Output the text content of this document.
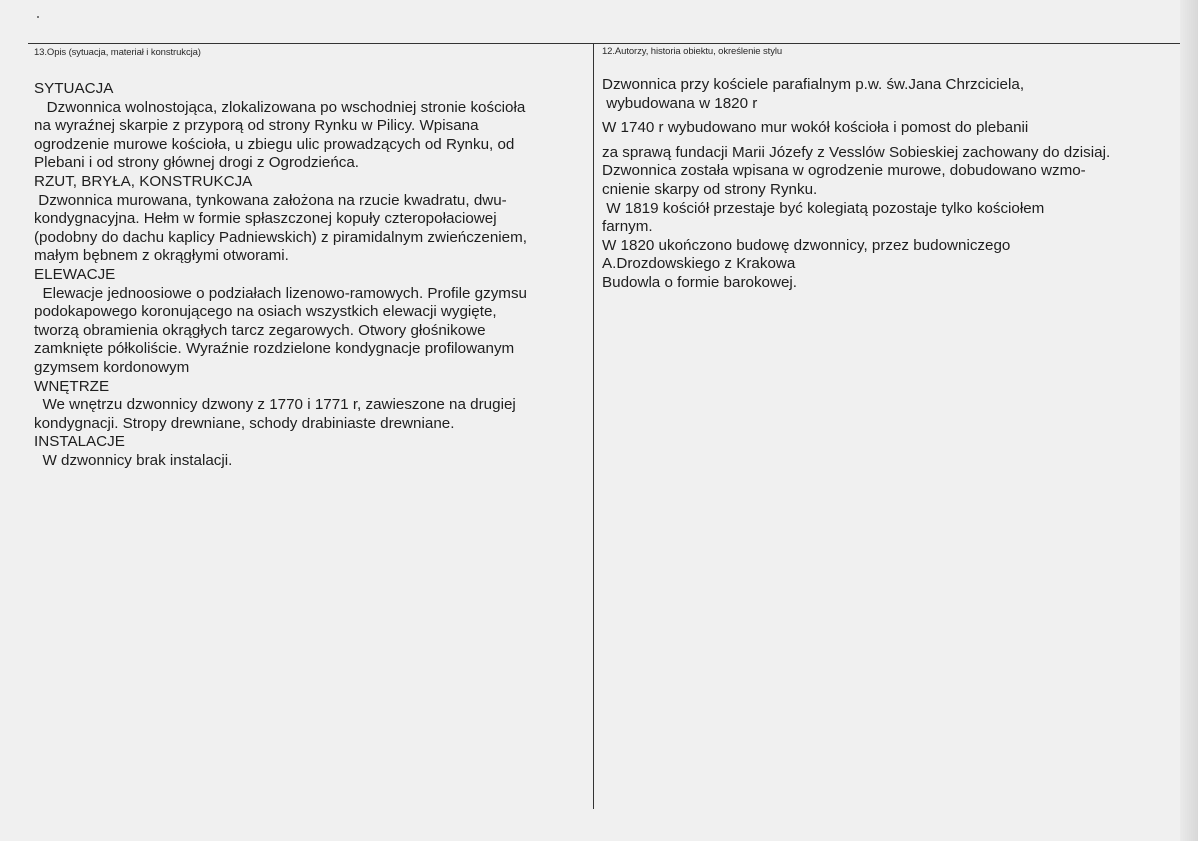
13.Opis (sytuacja, materiał i konstrukcja)	12.Autorzy, historia obiektu, określenie stylu
SYTUACJA
Dzwonnica wolnostojąca, zlokalizowana po wschodniej stronie kościoła
na wyraźnej skarpie z przyporą od strony Rynku w Pilicy. Wpisana
ogrodzenie murowe kościoła, u zbiegu ulic prowadzących od Rynku, od
Plebani i od strony głównej drogi z Ogrodzieńca.
RZUT, BRYŁA, KONSTRUKCJA
Dzwonnica murowana, tynkowana założona na rzucie kwadratu, dwu-
kondygnacyjna. Hełm w formie spłaszczonej kopuły czteropołaciowej
(podobny do dachu kaplicy Padniewskich) z piramidalnym zwieńczeniem,
małym bębnem z okrągłymi otworami.
ELEWACJE
Elewacje jednoosiowe o podziałach lizenowo-ramowych. Profile gzymsu
podokapowego koronującego na osiach wszystkich elewacji wygięte,
tworzą obramienia okrągłych tarcz zegarowych. Otwory głośnikowe
zamknięte półkoliście. Wyraźnie rozdzielone kondygnacje profilowanym
gzymsem kordonowym
WNĘTRZE
We wnętrzu dzwonnicy dzwony z 1770 i 1771 r, zawieszone na drugiej
kondygnacji. Stropy drewniane, schody drabiniaste drewniane.
INSTALACJE
W dzwonnicy brak instalacji.
Dzwonnica przy kościele parafialnym p.w. św.Jana Chrzciciela,
wybudowana w 1820 r
W 1740 r wybudowano mur wokół kościoła i pomost do plebanii
za sprawą fundacji Marii Józefy z Vesslów Sobieskiej zachowany do dzisiaj.
Dzwonnica została wpisana w ogrodzenie murowe, dobudowano wzmo-
cnienie skarpy od strony Rynku.
W 1819 kościół przestaje być kolegiatą pozostaje tylko kościołem
farnym.
W 1820 ukończono budowę dzwonnicy, przez budowniczego
A.Drozdowskiego z Krakowa
Budowla o formie barokowej.
